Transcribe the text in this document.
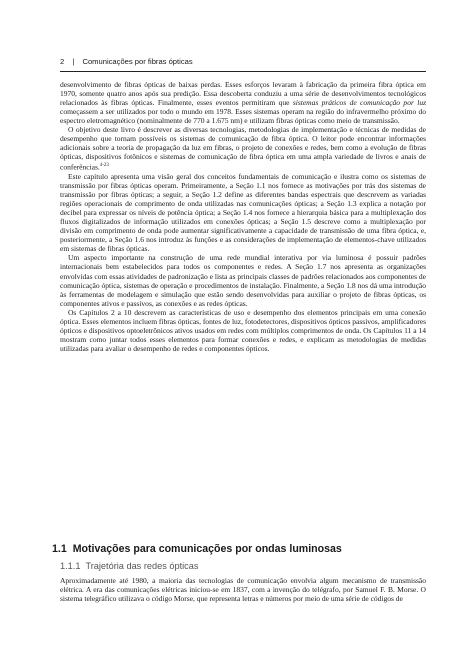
2 | Comunicações por fibras ópticas

desenvolvimento de fibras ópticas de baixas perdas. Esses esforços levaram à fabricação da primeira fibra óptica em 1970, somente quatro anos após sua predição. Essa descoberta conduziu a uma série de desenvolvimentos tecnológicos relacionados às fibras ópticas. Finalmente, esses eventos permitiram que sistemas práticos de comunicação por luz começassem a ser utilizados por todo o mundo em 1978. Esses sistemas operam na região do infravermelho próximo do espectro eletromagnético (nominalmente de 770 a 1.675 nm) e utilizam fibras ópticas como meio de transmissão.

O objetivo deste livro é descrever as diversas tecnologias, metodologias de implementação e técnicas de medidas de desempenho que tornam possíveis os sistemas de comunicação de fibra óptica. O leitor pode encontrar informações adicionais sobre a teoria de propagação da luz em fibras, o projeto de conexões e redes, bem como a evolução de fibras ópticas, dispositivos fotônicos e sistemas de comunicação de fibra óptica em uma ampla variedade de livros e anais de conferências.$^{4-23}$

Este capítulo apresenta uma visão geral dos conceitos fundamentais de comunicação e ilustra como os sistemas de transmissão por fibras ópticas operam. Primeiramente, a Seção 1.1 nos fornece as motivações por trás dos sistemas de transmissão por fibras ópticas; a seguir, a Seção 1.2 define as diferentes bandas espectrais que descrevem as variadas regiões operacionais de comprimento de onda utilizadas nas comunicações ópticas; a Seção 1.3 explica a notação por decibel para expressar os níveis de potência óptica; a Seção 1.4 nos fornece a hierarquia básica para a multiplexação dos fluxos digitalizados de informação utilizados em conexões ópticas; a Seção 1.5 descreve como a multiplexação por divisão em comprimento de onda pode aumentar significativamente a capacidade de transmissão de uma fibra óptica, e, posteriormente, a Seção 1.6 nos introduz às funções e as considerações de implementação de elementos-chave utilizados em sistemas de fibras ópticas.

Um aspecto importante na construção de uma rede mundial interativa por via luminosa é possuir padrões internacionais bem estabelecidos para todos os componentes e redes. A Seção 1.7 nos apresenta as organizações envolvidas com essas atividades de padronização e lista as principais classes de padrões relacionados aos componentes de comunicação óptica, sistemas de operação e procedimentos de instalação. Finalmente, a Seção 1.8 nos dá uma introdução às ferramentas de modelagem e simulação que estão sendo desenvolvidas para auxiliar o projeto de fibras ópticas, os componentes ativos e passivos, as conexões e as redes ópticas.

Os Capítulos 2 a 10 descrevem as características de uso e desempenho dos elementos principais em uma conexão óptica. Esses elementos incluem fibras ópticas, fontes de luz, fotodetectores, dispositivos ópticos passivos, amplificadores ópticos e dispositivos optoeletrônicos ativos usados em redes com múltiplos comprimentos de onda. Os Capítulos 11 a 14 mostram como juntar todos esses elementos para formar conexões e redes, e explicam as metodologias de medidas utilizadas para avaliar o desempenho de redes e componentes ópticos.

1.1 Motivações para comunicações por ondas luminosas
1.1.1 Trajetória das redes ópticas

Aproximadamente até 1980, a maioria das tecnologias de comunicação envolvia algum mecanismo de transmissão elétrica. A era das comunicações elétricas iniciou-se em 1837, com a invenção do telégrafo, por Samuel F. B. Morse. O sistema telegráfico utilizava o código Morse, que representa letras e números por meio de uma série de códigos de
